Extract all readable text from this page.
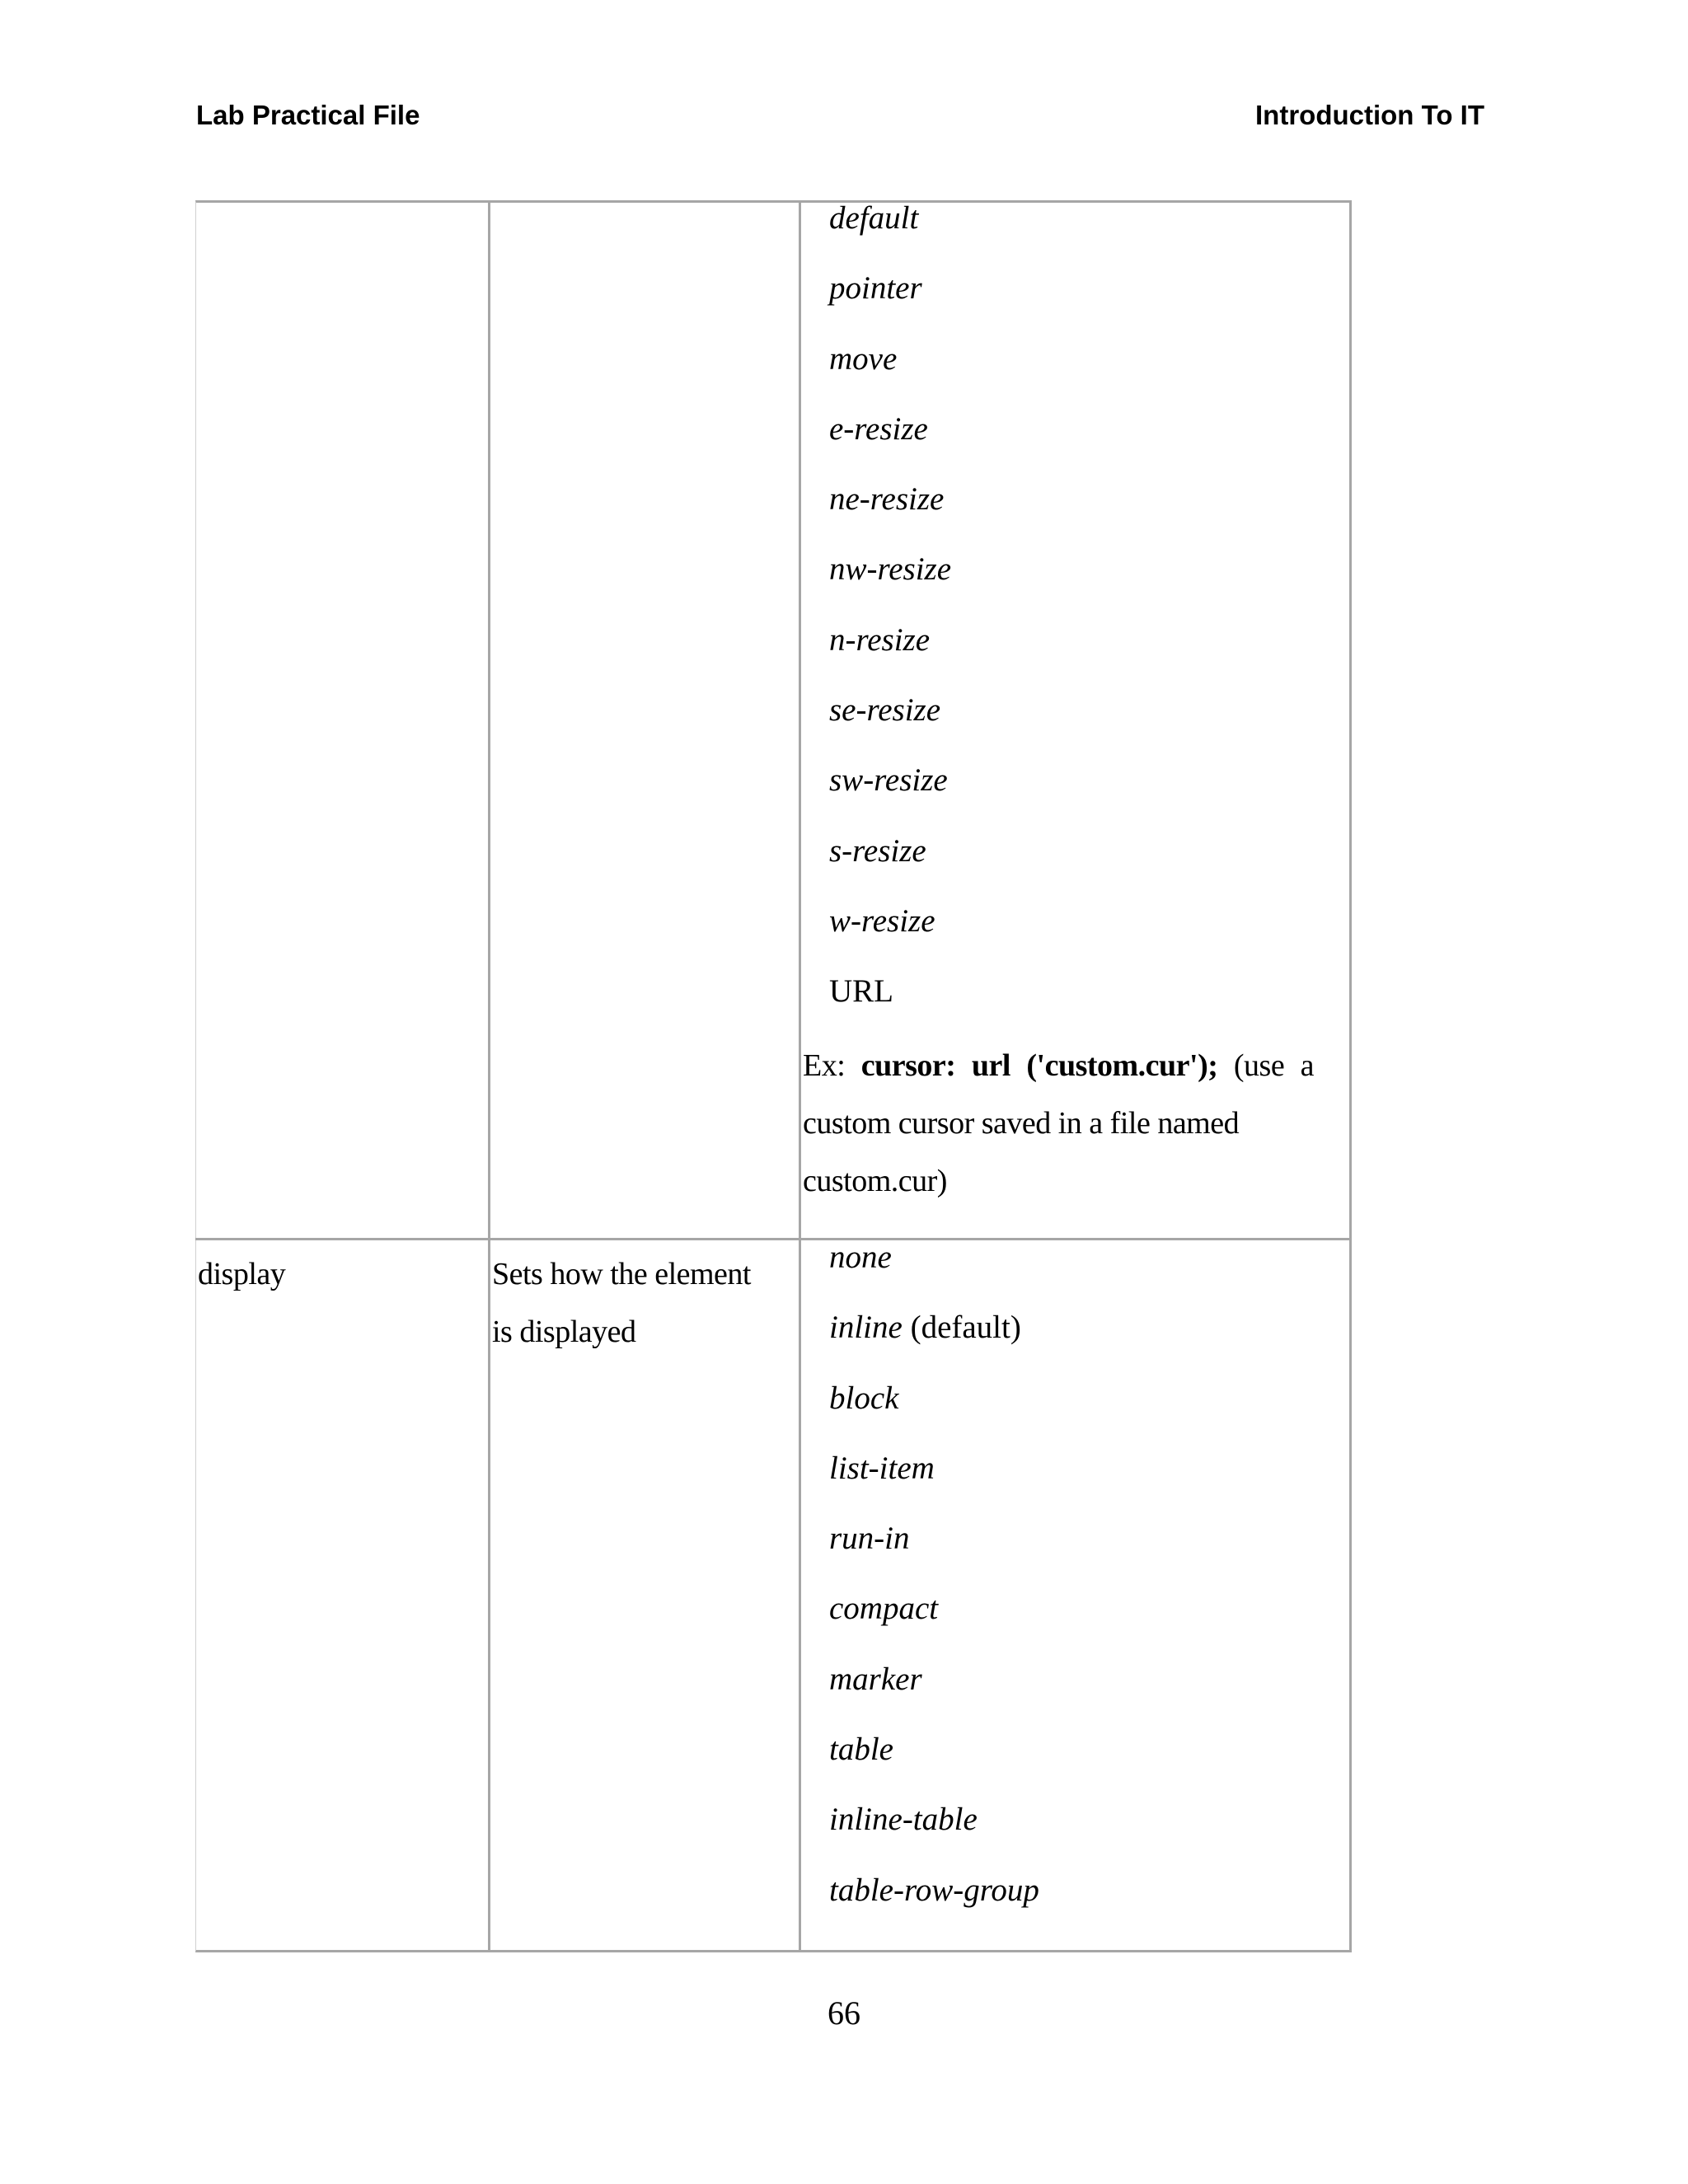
Lab Practical File	Introduction To IT
default
pointer
move
e-resize
ne-resize
nw-resize
n-resize
se-resize
sw-resize
s-resize
w-resize
URL
Ex: cursor: url ('custom.cur'); (use a
custom cursor saved in a file named
custom.cur)
display	Sets how the element
is displayed
none
inline (default)
block
list-item
run-in
compact
marker
table
inline-table
table-row-group
66
